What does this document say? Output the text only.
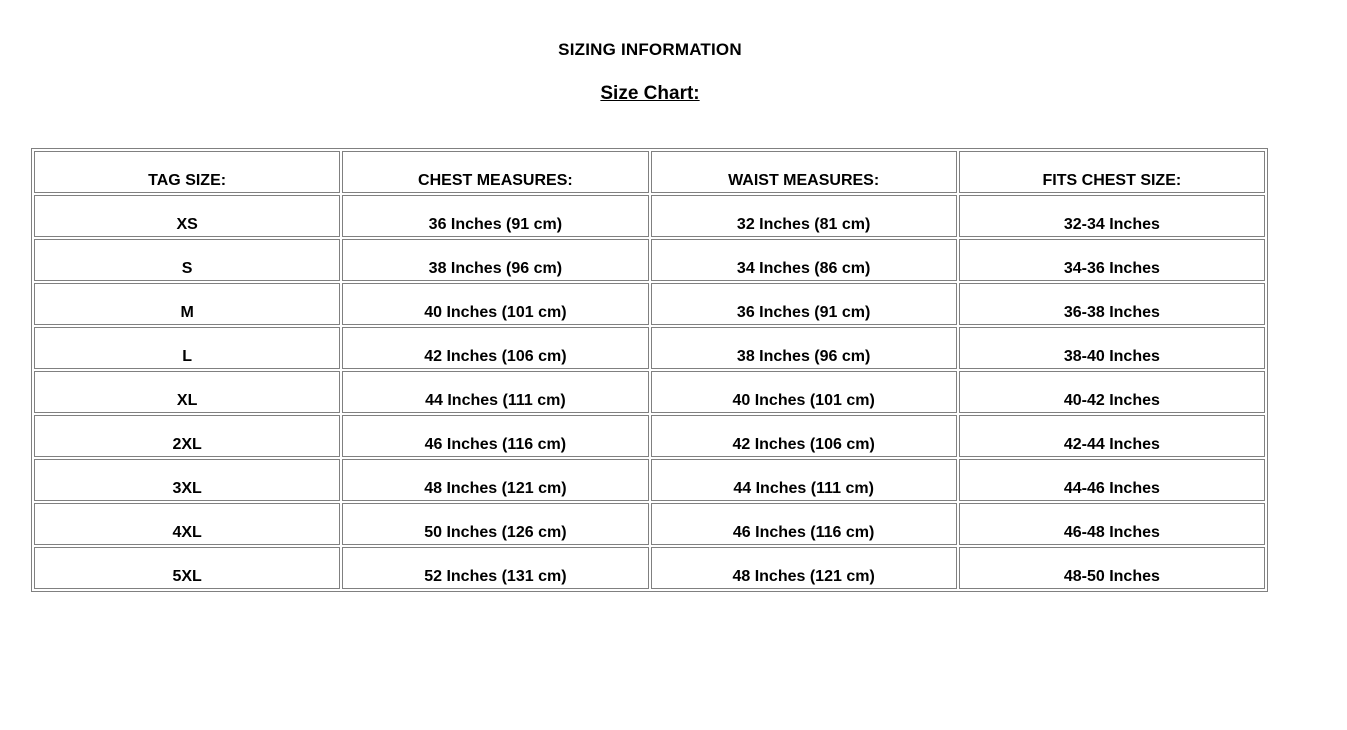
SIZING INFORMATION
Size Chart:
TAG SIZE:	CHEST MEASURES:	WAIST MEASURES:	FITS CHEST SIZE:
XS	36 Inches (91 cm)	32 Inches (81 cm)	32-34 Inches
S	38 Inches (96 cm)	34 Inches (86 cm)	34-36 Inches
M	40 Inches (101 cm)	36 Inches (91 cm)	36-38 Inches
L	42 Inches (106 cm)	38 Inches (96 cm)	38-40 Inches
XL	44 Inches (111 cm)	40 Inches (101 cm)	40-42 Inches
2XL	46 Inches (116 cm)	42 Inches (106 cm)	42-44 Inches
3XL	48 Inches (121 cm)	44 Inches (111 cm)	44-46 Inches
4XL	50 Inches (126 cm)	46 Inches (116 cm)	46-48 Inches
5XL	52 Inches (131 cm)	48 Inches (121 cm)	48-50 Inches
